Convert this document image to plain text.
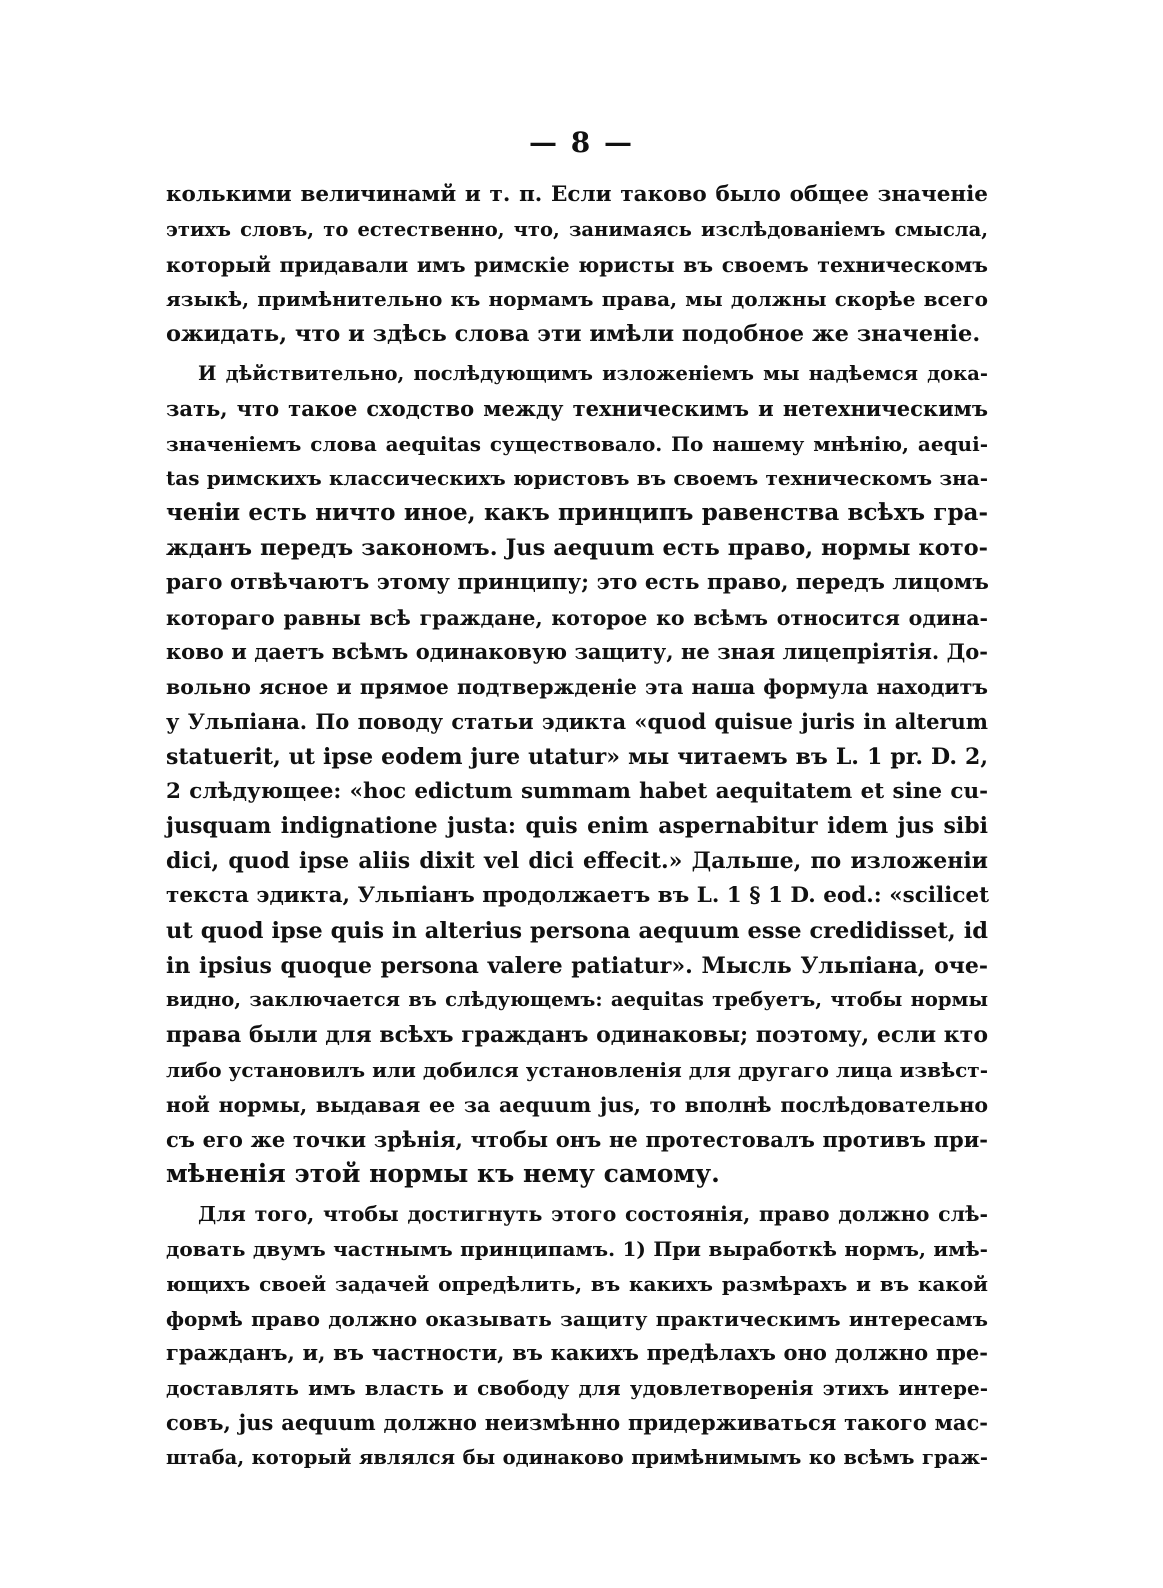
— 8 —
колькими величинамй и т. п. Если таково было общее значеніе
этихъ словъ, то естественно, что, занимаясь изслѣдованіемъ смысла,
который придавали имъ римскіе юристы въ своемъ техническомъ
языкѣ, примѣнительно къ нормамъ права, мы должны скорѣе всего
ожидать, что и здѣсь слова эти имѣли подобное же значеніе.
И дѣйствительно, послѣдующимъ изложеніемъ мы надѣемся дока-
зать, что такое сходство между техническимъ и нетехническимъ
значеніемъ слова aequitas существовало. По нашему мнѣнію, aequi-
tas римскихъ классическихъ юристовъ въ своемъ техническомъ зна-
ченіи есть ничто иное, какъ принципъ равенства всѣхъ гра-
жданъ передъ закономъ. Jus aequum есть право, нормы кото-
раго отвѣчаютъ этому принципу; это есть право, передъ лицомъ
котораго равны всѣ граждане, которое ко всѣмъ относится одина-
ково и даетъ всѣмъ одинаковую защиту, не зная лицепріятія. До-
вольно ясное и прямое подтвержденіе эта наша формула находитъ
у Ульпіана. По поводу статьи эдикта «quod quisue juris in alterum
statuerit, ut ipse eodem jure utatur» мы читаемъ въ L. 1 pr. D. 2,
2 слѣдующее: «hoc edictum summam habet aequitatem et sine cu-
jusquam indignatione justa: quis enim aspernabitur idem jus sibi
dici, quod ipse aliis dixit vel dici effecit.» Дальше, по изложеніи
текста эдикта, Ульпіанъ продолжаетъ въ L. 1 § 1 D. eod.: «scilicet
ut quod ipse quis in alterius persona aequum esse credidisset, id
in ipsius quoque persona valere patiatur». Мысль Ульпіана, оче-
видно, заключается въ слѣдующемъ: aequitas требуетъ, чтобы нормы
права были для всѣхъ гражданъ одинаковы; поэтому, если кто
либо установилъ или добился установленія для другаго лица извѣст-
ной нормы, выдавая ее за aequum jus, то вполнѣ послѣдовательно
съ его же точки зрѣнія, чтобы онъ не протестовалъ противъ при-
мѣненія этой нормы къ нему самому.
Для того, чтобы достигнуть этого состоянія, право должно слѣ-
довать двумъ частнымъ принципамъ. 1) При выработкѣ нормъ, имѣ-
ющихъ своей задачей опредѣлить, въ какихъ размѣрахъ и въ какой
формѣ право должно оказывать защиту практическимъ интересамъ
гражданъ, и, въ частности, въ какихъ предѣлахъ оно должно пре-
доставлять имъ власть и свободу для удовлетворенія этихъ интере-
совъ, jus aequum должно неизмѣнно придерживаться такого мас-
штаба, который являлся бы одинаково примѣнимымъ ко всѣмъ граж-
